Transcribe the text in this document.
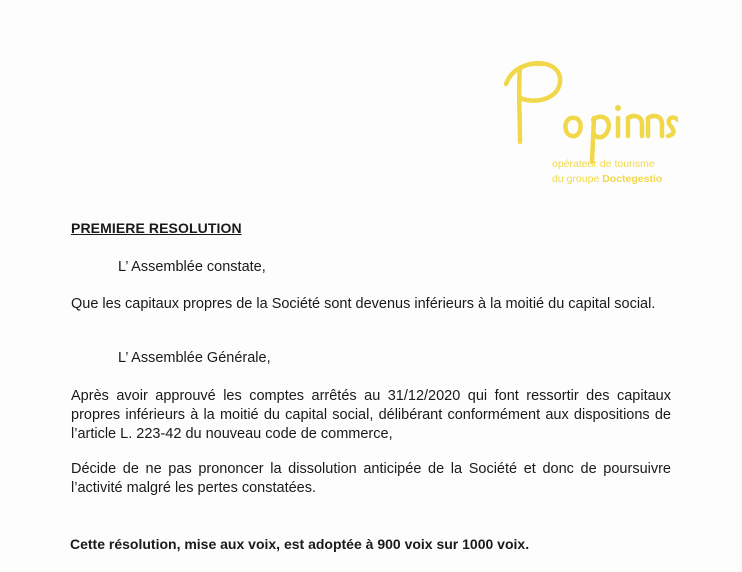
opérateur de tourisme
du groupe Doctegestio
PREMIERE RESOLUTION
L’ Assemblée constate,
Que les capitaux propres de la Société sont devenus inférieurs à la moitié du capital social.
L’ Assemblée Générale,
Après avoir approuvé les comptes arrêtés au 31/12/2020 qui font ressortir des capitaux propres inférieurs à la moitié du capital social, délibérant conformément aux dispositions de l’article L. 223-42 du nouveau code de commerce,
Décide de ne pas prononcer la dissolution anticipée de la Société et donc de poursuivre l’activité malgré les pertes constatées.
Cette résolution, mise aux voix, est adoptée à 900 voix sur 1000 voix.
